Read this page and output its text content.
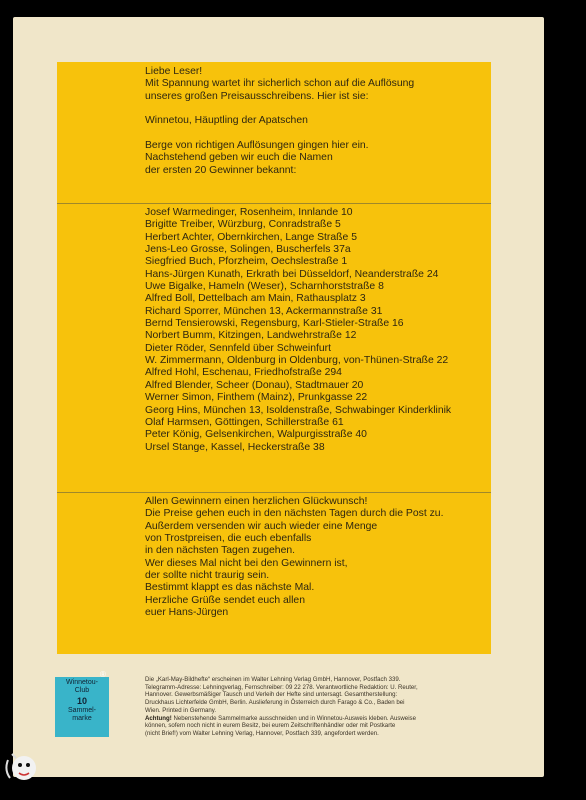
Liebe Leser!
Mit Spannung wartet ihr sicherlich schon auf die Auflösung
unseres großen Preisausschreibens. Hier ist sie:

Winnetou, Häuptling der Apatschen

Berge von richtigen Auflösungen gingen hier ein.
Nachstehend geben wir euch die Namen
der ersten 20 Gewinner bekannt:
Josef Warmedinger, Rosenheim, Innlande 10
Brigitte Treiber, Würzburg, Conradstraße 5
Herbert Achter, Obernkirchen, Lange Straße 5
Jens-Leo Grosse, Solingen, Buscherfels 37a
Siegfried Buch, Pforzheim, Oechslestraße 1
Hans-Jürgen Kunath, Erkrath bei Düsseldorf, Neanderstraße 24
Uwe Bigalke, Hameln (Weser), Scharnhorststraße 8
Alfred Boll, Dettelbach am Main, Rathausplatz 3
Richard Sporrer, München 13, Ackermannstraße 31
Bernd Tensierowski, Regensburg, Karl-Stieler-Straße 16
Norbert Bumm, Kitzingen, Landwehrstraße 12
Dieter Röder, Sennfeld über Schweinfurt
W. Zimmermann, Oldenburg in Oldenburg, von-Thünen-Straße 22
Alfred Hohl, Eschenau, Friedhofstraße 294
Alfred Blender, Scheer (Donau), Stadtmauer 20
Werner Simon, Finthem (Mainz), Prunkgasse 22
Georg Hins, München 13, Isoldenstraße, Schwabinger Kinderklinik
Olaf Harmsen, Göttingen, Schillerstraße 61
Peter König, Gelsenkirchen, Walpurgisstraße 40
Ursel Stange, Kassel, Heckerstraße 38
Allen Gewinnern einen herzlichen Glückwunsch!
Die Preise gehen euch in den nächsten Tagen durch die Post zu.
Außerdem versenden wir auch wieder eine Menge
von Trostpreisen, die euch ebenfalls
in den nächsten Tagen zugehen.
Wer dieses Mal nicht bei den Gewinnern ist,
der sollte nicht traurig sein.
Bestimmt klappt es das nächste Mal.
Herzliche Grüße sendet euch allen
euer Hans-Jürgen
Winnetou-
Club
10
Sammel-
marke
®
Die „Karl-May-Bildhefte“ erscheinen im Walter Lehning Verlag GmbH, Hannover, Postfach 339.
Telegramm-Adresse: Lehningverlag, Fernschreiber: 09 22 278. Verantwortliche Redaktion: U. Reuter,
Hannover. Gewerbsmäßiger Tausch und Verleih der Hefte sind untersagt. Gesamtherstellung:
Druckhaus Lichterfelde GmbH, Berlin. Auslieferung in Österreich durch Farago & Co., Baden bei
Wien. Printed in Germany.
Achtung! Nebenstehende Sammelmarke ausschneiden und in Winnetou-Ausweis kleben. Ausweise
können, sofern noch nicht in eurem Besitz, bei eurem Zeitschriftenhändler oder mit Postkarte
(nicht Brief!) vom Walter Lehning Verlag, Hannover, Postfach 339, angefordert werden.
